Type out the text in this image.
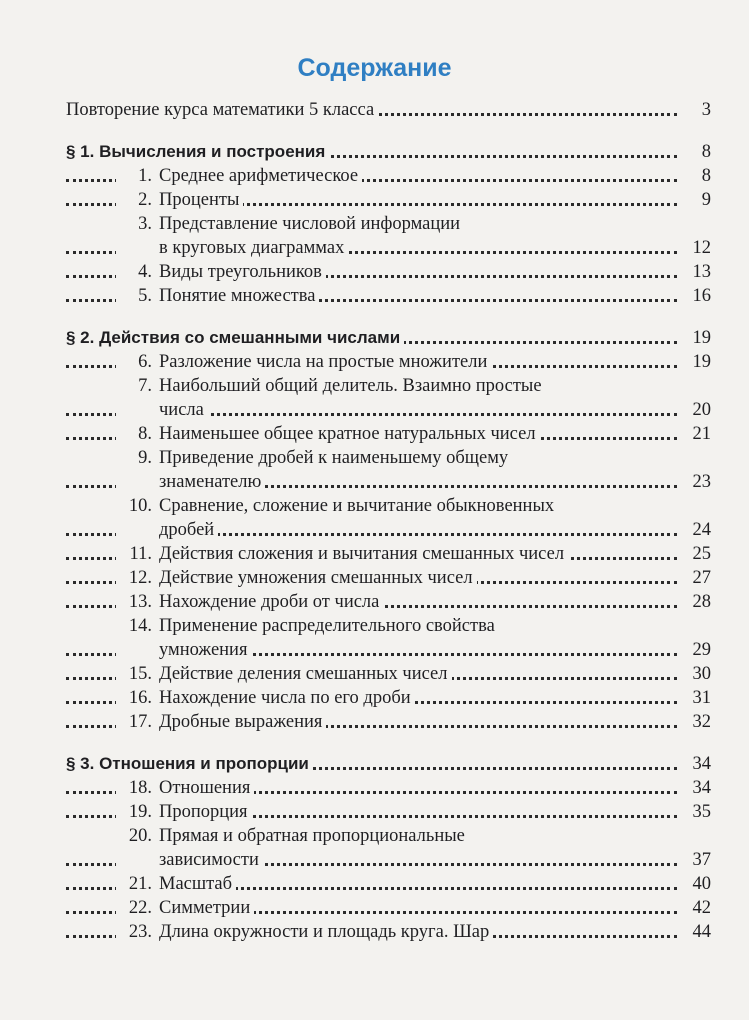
Содержание
Повторение курса математики 5 класса	3
§ 1. Вычисления и построения	8
1. Среднее арифметическое	8
2. Проценты	9
3. Представление числовой информации
в круговых диаграммах	12
4. Виды треугольников	13
5. Понятие множества	16
§ 2. Действия со смешанными числами	19
6. Разложение числа на простые множители	19
7. Наибольший общий делитель. Взаимно простые
числа	20
8. Наименьшее общее кратное натуральных чисел	21
9. Приведение дробей к наименьшему общему
знаменателю	23
10. Сравнение, сложение и вычитание обыкновенных
дробей	24
11. Действия сложения и вычитания смешанных чисел	25
12. Действие умножения смешанных чисел	27
13. Нахождение дроби от числа	28
14. Применение распределительного свойства
умножения	29
15. Действие деления смешанных чисел	30
16. Нахождение числа по его дроби	31
17. Дробные выражения	32
§ 3. Отношения и пропорции	34
18. Отношения	34
19. Пропорция	35
20. Прямая и обратная пропорциональные
зависимости	37
21. Масштаб	40
22. Симметрии	42
23. Длина окружности и площадь круга. Шар	44
